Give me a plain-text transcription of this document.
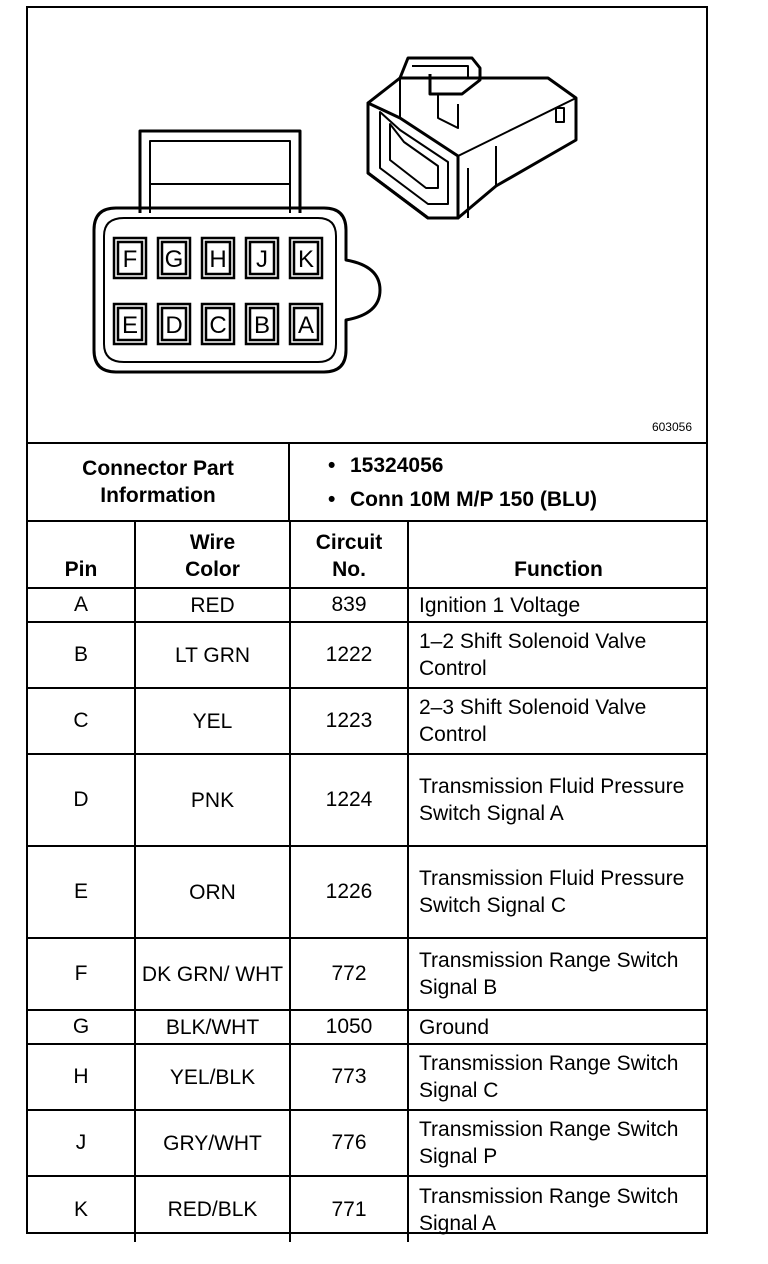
F G H J K
E D C B A
603056
Connector Part Information
• 15324056
• Conn 10M M/P 150 (BLU)
Pin	Wire Color	Circuit No.	Function
A	RED	839	Ignition 1 Voltage
B	LT GRN	1222	1–2 Shift Solenoid Valve Control
C	YEL	1223	2–3 Shift Solenoid Valve Control
D	PNK	1224	Transmission Fluid Pressure Switch Signal A
E	ORN	1226	Transmission Fluid Pressure Switch Signal C
F	DK GRN/ WHT	772	Transmission Range Switch Signal B
G	BLK/WHT	1050	Ground
H	YEL/BLK	773	Transmission Range Switch Signal C
J	GRY/WHT	776	Transmission Range Switch Signal P
K	RED/BLK	771	Transmission Range Switch Signal A
